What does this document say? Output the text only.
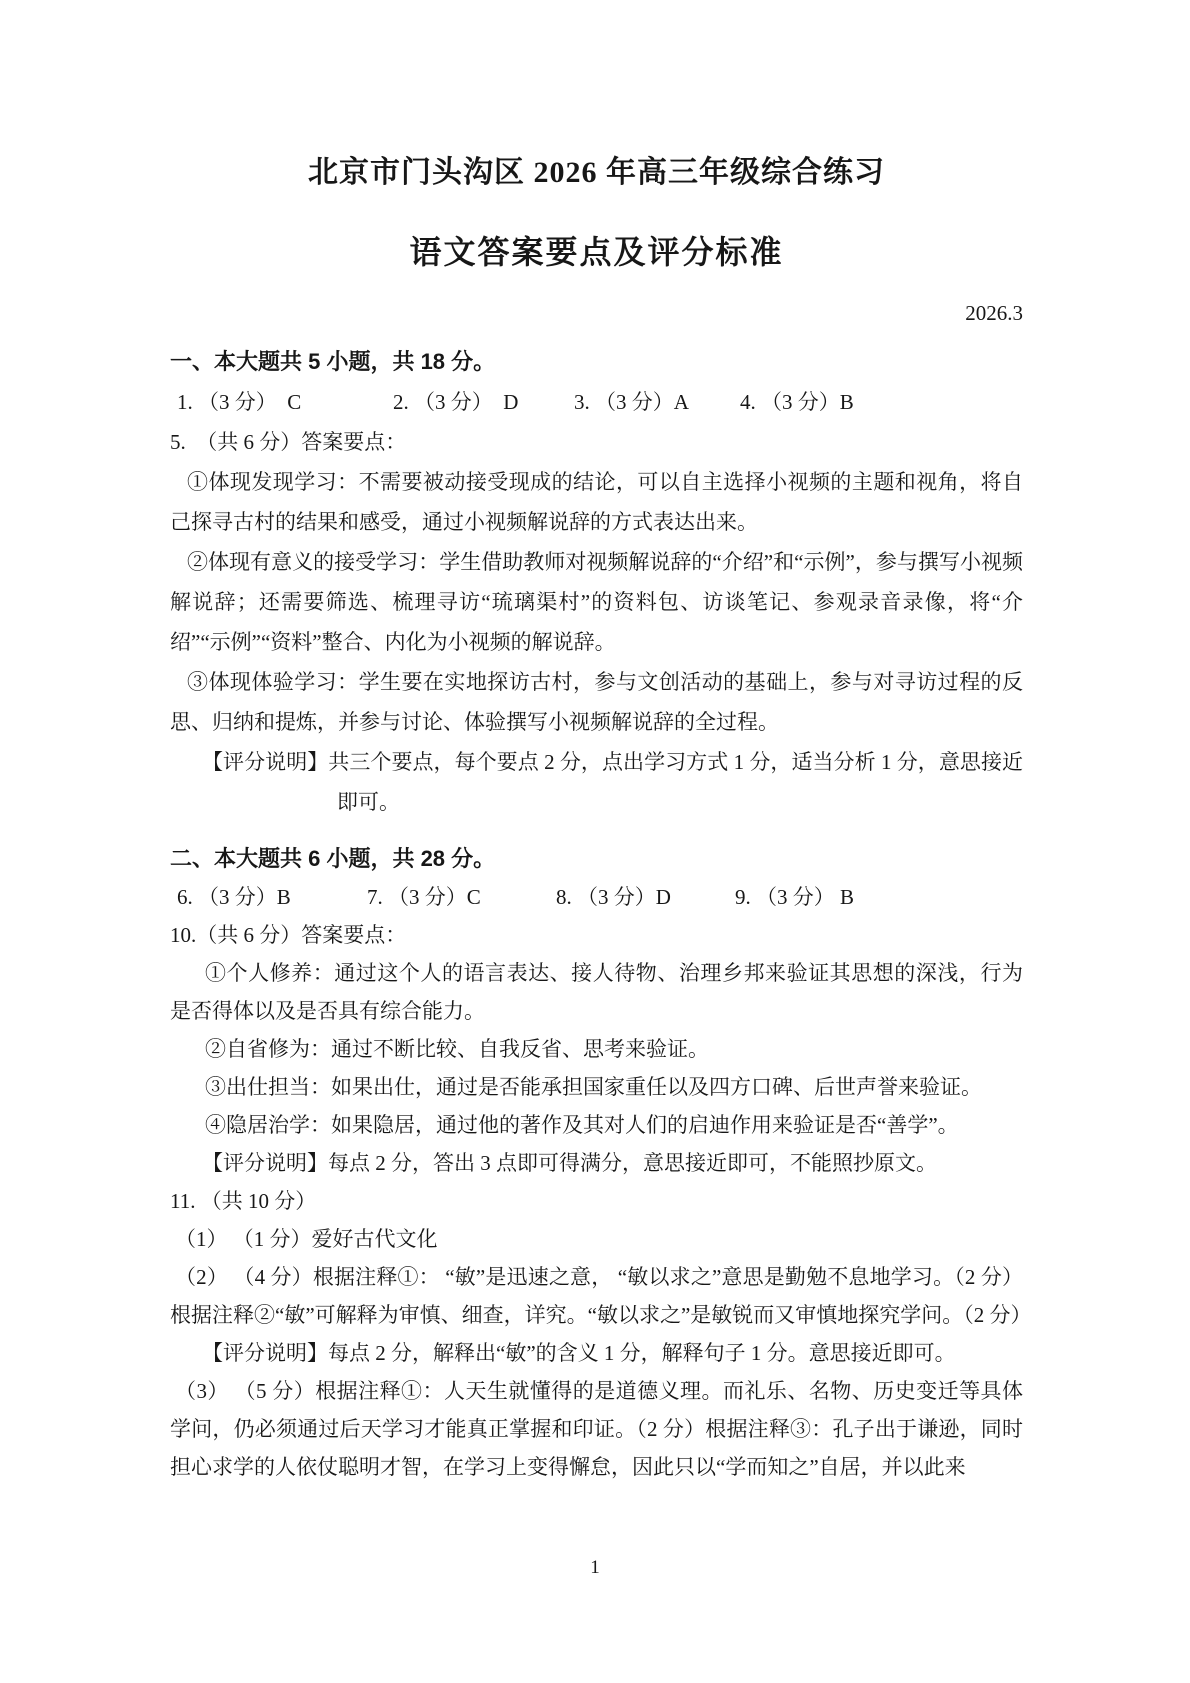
北京市门头沟区 2026 年高三年级综合练习

语文答案要点及评分标准

2026.3

一、本大题共 5 小题，共 18 分。

1. （3 分）  C	2. （3 分）  D	3. （3 分）A	4. （3 分）B

5.  （共 6 分）答案要点：

①体现发现学习：不需要被动接受现成的结论，可以自主选择小视频的主题和视角，将自己探寻古村的结果和感受，通过小视频解说辞的方式表达出来。

②体现有意义的接受学习：学生借助教师对视频解说辞的“介绍”和“示例”，参与撰写小视频解说辞；还需要筛选、梳理寻访“琉璃渠村”的资料包、访谈笔记、参观录音录像，将“介绍”“示例”“资料”整合、内化为小视频的解说辞。

③体现体验学习：学生要在实地探访古村，参与文创活动的基础上，参与对寻访过程的反思、归纳和提炼，并参与讨论、体验撰写小视频解说辞的全过程。

【评分说明】共三个要点，每个要点 2 分，点出学习方式 1 分，适当分析 1 分，意思接近即可。

二、本大题共 6 小题，共 28 分。

6. （3 分）B	7. （3 分）C	8. （3 分）D	9. （3 分） B

10.（共 6 分）答案要点：

①个人修养：通过这个人的语言表达、接人待物、治理乡邦来验证其思想的深浅，行为是否得体以及是否具有综合能力。

②自省修为：通过不断比较、自我反省、思考来验证。

③出仕担当：如果出仕，通过是否能承担国家重任以及四方口碑、后世声誉来验证。

④隐居治学：如果隐居，通过他的著作及其对人们的启迪作用来验证是否“善学”。

【评分说明】每点 2 分，答出 3 点即可得满分，意思接近即可，不能照抄原文。

11. （共 10 分）

（1） （1 分）爱好古代文化

（2） （4 分）根据注释①： “敏”是迅速之意， “敏以求之”意思是勤勉不息地学习。（2 分）根据注释②“敏”可解释为审慎、细查，详究。“敏以求之”是敏锐而又审慎地探究学问。（2 分）

【评分说明】每点 2 分，解释出“敏”的含义 1 分，解释句子 1 分。意思接近即可。

（3） （5 分）根据注释①：人天生就懂得的是道德义理。而礼乐、名物、历史变迁等具体学问，仍必须通过后天学习才能真正掌握和印证。（2 分）根据注释③：孔子出于谦逊，同时担心求学的人依仗聪明才智，在学习上变得懈怠，因此只以“学而知之”自居，并以此来

1
